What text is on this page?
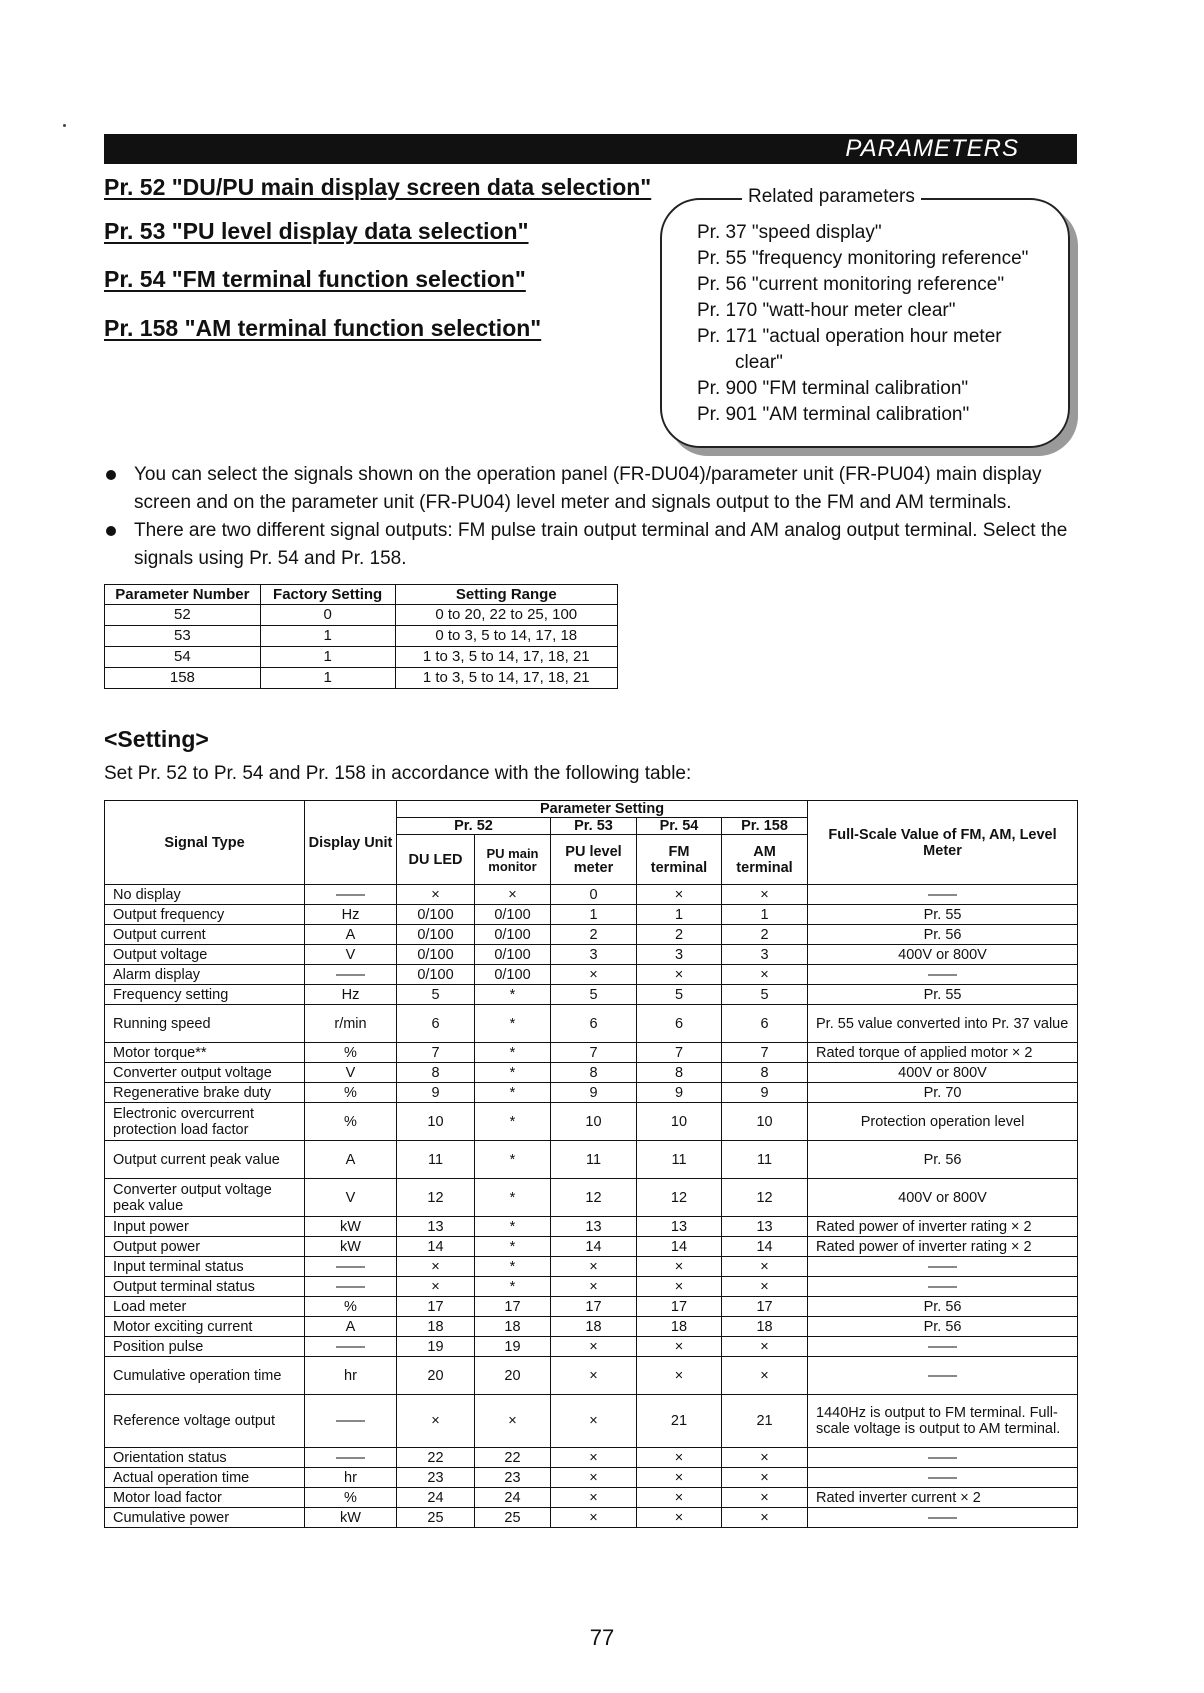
PARAMETERS
Pr. 52 "DU/PU main display screen data selection"
Pr. 53 "PU level display data selection"
Pr. 54 "FM terminal function selection"
Pr. 158 "AM terminal function selection"
Related parameters
Pr. 37 "speed display"
Pr. 55 "frequency monitoring reference"
Pr. 56 "current monitoring reference"
Pr. 170 "watt-hour meter clear"
Pr. 171 "actual operation hour meter
clear"
Pr. 900 "FM terminal calibration"
Pr. 901 "AM terminal calibration"
You can select the signals shown on the operation panel (FR-DU04)/parameter unit (FR-PU04) main display screen and on the parameter unit (FR-PU04) level meter and signals output to the FM and AM terminals.
There are two different signal outputs: FM pulse train output terminal and AM analog output terminal. Select the signals using Pr. 54 and Pr. 158.
Parameter Number	Factory Setting	Setting Range
52	0	0 to 20, 22 to 25, 100
53	1	0 to 3, 5 to 14, 17, 18
54	1	1 to 3, 5 to 14, 17, 18, 21
158	1	1 to 3, 5 to 14, 17, 18, 21
<Setting>
Set Pr. 52 to Pr. 54 and Pr. 158 in accordance with the following table:
Signal Type	Display Unit	Parameter Setting					Full-Scale Value of FM, AM, Level Meter
		Pr. 52		Pr. 53	Pr. 54	Pr. 158	
		DU LED	PU main monitor	PU level meter	FM terminal	AM terminal	
No display	——	×	×	0	×	×	——
Output frequency	Hz	0/100	0/100	1	1	1	Pr. 55
Output current	A	0/100	0/100	2	2	2	Pr. 56
Output voltage	V	0/100	0/100	3	3	3	400V or 800V
Alarm display	——	0/100	0/100	×	×	×	——
Frequency setting	Hz	5	*	5	5	5	Pr. 55
Running speed	r/min	6	*	6	6	6	Pr. 55 value converted into Pr. 37 value
Motor torque**	%	7	*	7	7	7	Rated torque of applied motor × 2
Converter output voltage	V	8	*	8	8	8	400V or 800V
Regenerative brake duty	%	9	*	9	9	9	Pr. 70
Electronic overcurrent protection load factor	%	10	*	10	10	10	Protection operation level
Output current peak value	A	11	*	11	11	11	Pr. 56
Converter output voltage peak value	V	12	*	12	12	12	400V or 800V
Input power	kW	13	*	13	13	13	Rated power of inverter rating × 2
Output power	kW	14	*	14	14	14	Rated power of inverter rating × 2
Input terminal status	——	×	*	×	×	×	——
Output terminal status	——	×	*	×	×	×	——
Load meter	%	17	17	17	17	17	Pr. 56
Motor exciting current	A	18	18	18	18	18	Pr. 56
Position pulse	——	19	19	×	×	×	——
Cumulative operation time	hr	20	20	×	×	×	——
Reference voltage output	——	×	×	×	21	21	1440Hz is output to FM terminal. Full-scale voltage is output to AM terminal.
Orientation status	——	22	22	×	×	×	——
Actual operation time	hr	23	23	×	×	×	——
Motor load factor	%	24	24	×	×	×	Rated inverter current × 2
Cumulative power	kW	25	25	×	×	×	——
77
